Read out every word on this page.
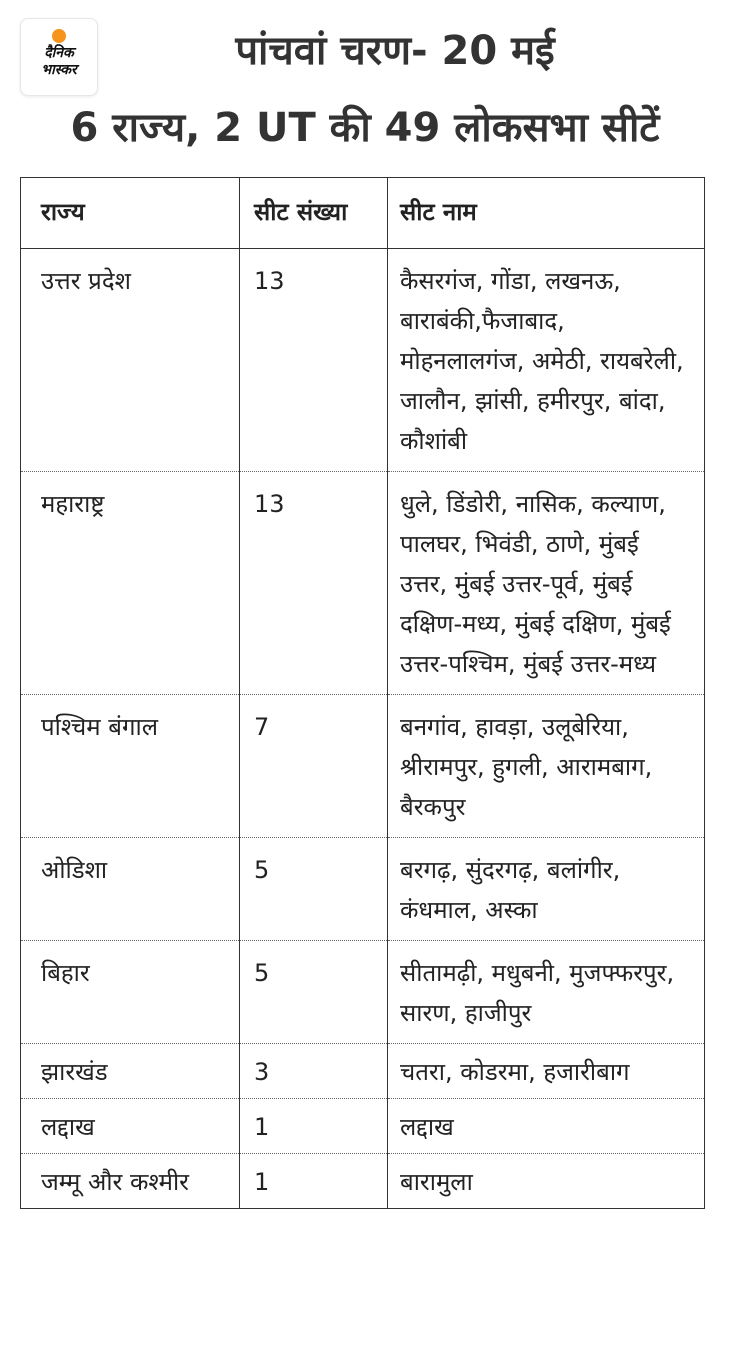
दैनिक
भास्कर	पांचवां चरण- 20 मई
6 राज्य, 2 UT की 49 लोकसभा सीटें
राज्य	सीट संख्या	सीट नाम
उत्तर प्रदेश	13	कैसरगंज, गोंडा, लखनऊ, बाराबंकी,फैजाबाद, मोहनलालगंज, अमेठी, रायबरेली, जालौन, झांसी, हमीरपुर, बांदा, कौशांबी
महाराष्ट्र	13	धुले, डिंडोरी, नासिक, कल्याण, पालघर, भिवंडी, ठाणे, मुंबई उत्तर, मुंबई उत्तर-पूर्व, मुंबई दक्षिण-मध्य, मुंबई दक्षिण, मुंबई उत्तर-पश्चिम, मुंबई उत्तर-मध्य
पश्चिम बंगाल	7	बनगांव, हावड़ा, उलूबेरिया, श्रीरामपुर, हुगली, आरामबाग, बैरकपुर
ओडिशा	5	बरगढ़, सुंदरगढ़, बलांगीर, कंधमाल, अस्का
बिहार	5	सीतामढ़ी, मधुबनी, मुजफ्फरपुर, सारण, हाजीपुर
झारखंड	3	चतरा, कोडरमा, हजारीबाग
लद्दाख	1	लद्दाख
जम्मू और कश्मीर	1	बारामुला
